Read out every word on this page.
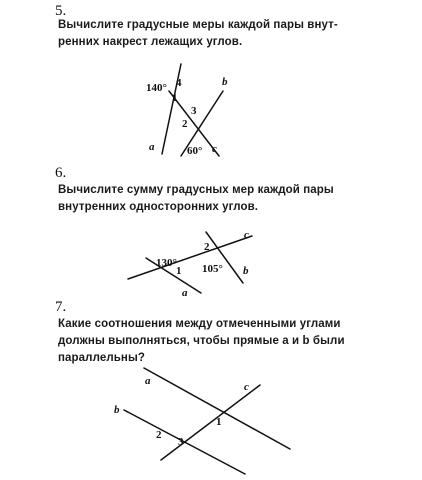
5.
Вычислите градусные меры каждой пары внут-
ренних накрест лежащих углов.
140° 4
1
3
2
60°
a
b
c
130°
1
2
105°
a
b
c
a
b
c
1
2
3
6.
Вычислите сумму градусных мер каждой пары
внутренних односторонних углов.
7.
Какие соотношения между отмеченными углами
должны выполняться, чтобы прямые a и b были
параллельны?
